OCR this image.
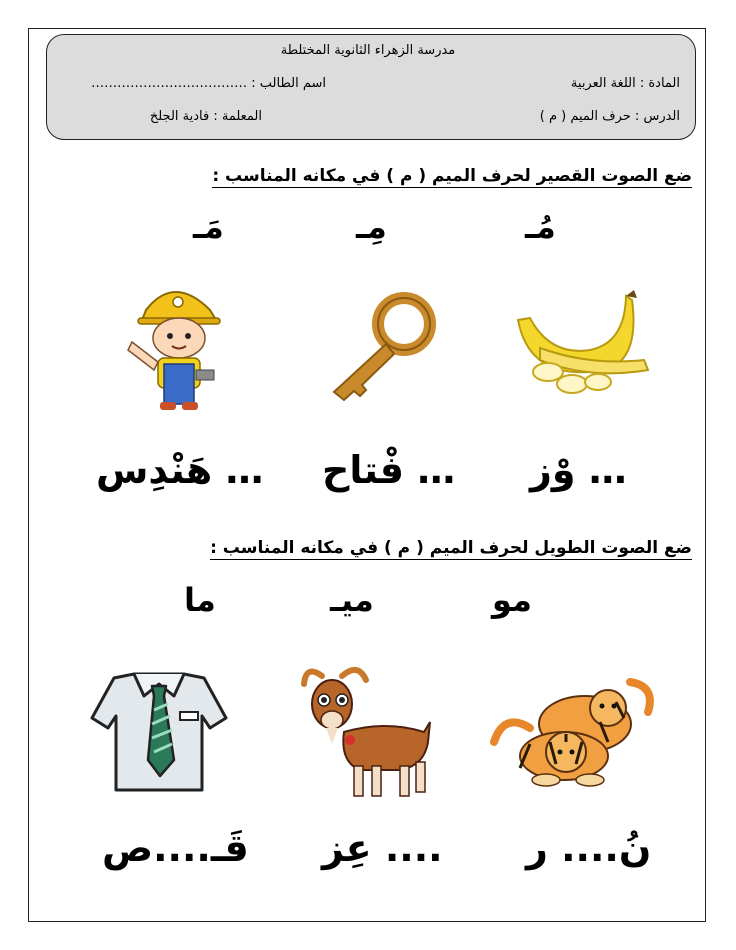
مدرسة الزهراء الثانوية المختلطة
المادة : اللغة العربية
اسم الطالب : ………………………………
الدرس : حرف الميم ( م )
المعلمة : فادية الجلخ
ضع الصوت القصير لحرف الميم ( م ) في مكانه المناسب :
مُـ
مِـ
مَـ
… وْز
… فْتاح
… هَنْدِس
ضع الصوت الطويل لحرف الميم ( م ) في مكانه المناسب :
مو
ميـ
ما
نُ.... ر
.... عِز
قَـ....ص
